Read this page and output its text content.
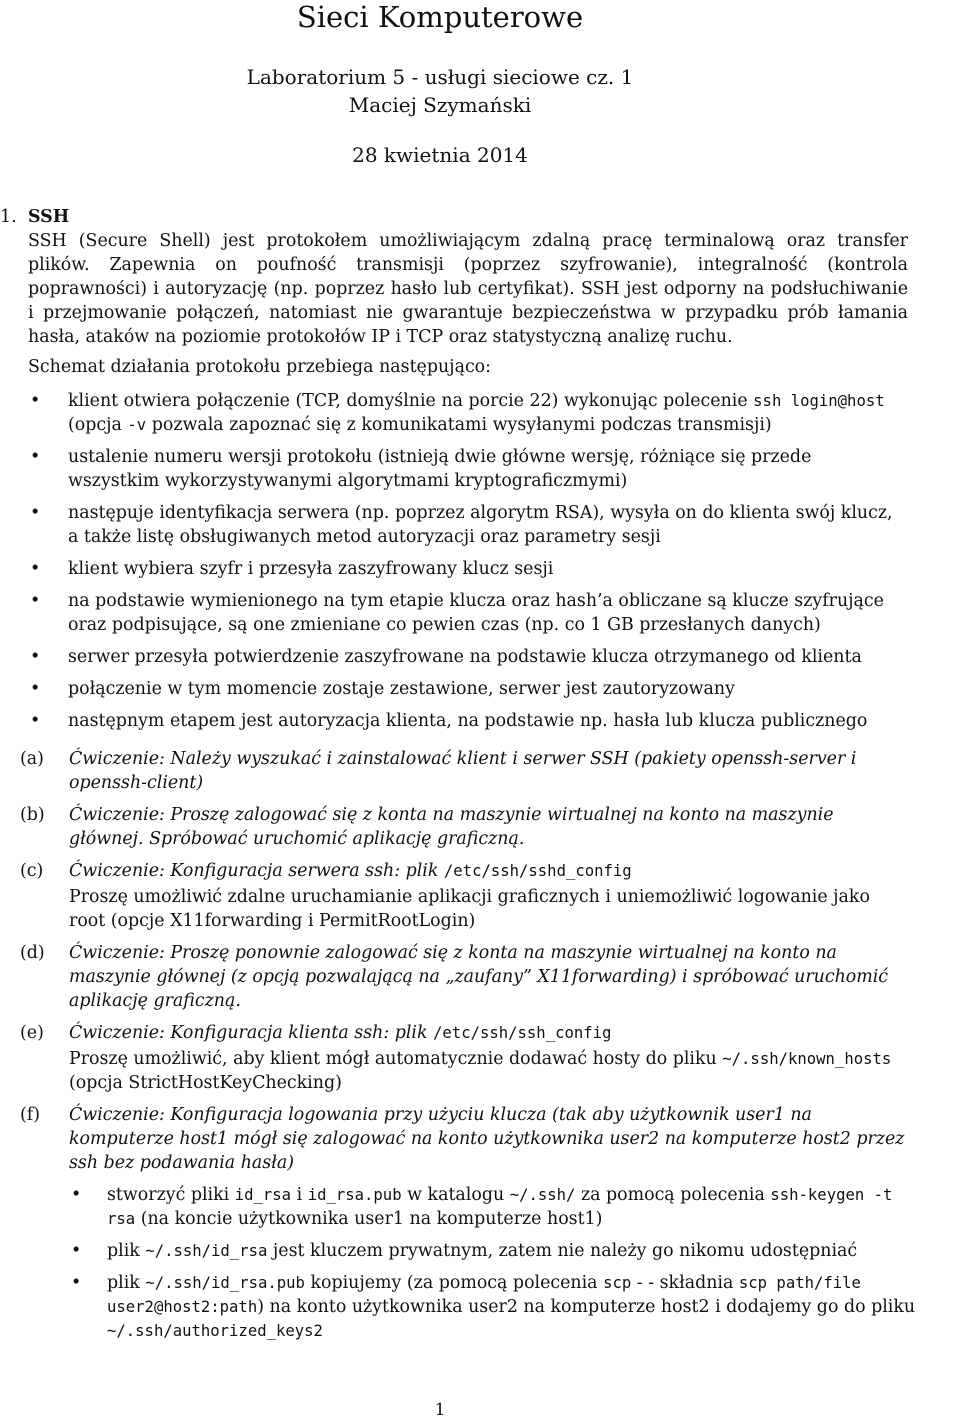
Sieci Komputerowe
Laboratorium 5 - usługi sieciowe cz. 1
Maciej Szymański
28 kwietnia 2014
1. SSH

SSH (Secure Shell) jest protokołem umożliwiającym zdalną pracę terminalową oraz transfer plików. Zapewnia on poufność transmisji (poprzez szyfrowanie), integralność (kontrola poprawności) i autoryzację (np. poprzez hasło lub certyfikat). SSH jest odporny na podsłuchiwanie i przejmowanie połączeń, natomiast nie gwarantuje bezpieczeństwa w przypadku prób łamania hasła, ataków na poziomie protokołów IP i TCP oraz statystyczną analizę ruchu.

Schemat działania protokołu przebiega następująco:

• klient otwiera połączenie (TCP, domyślnie na porcie 22) wykonując polecenie ssh login@host (opcja -v pozwala zapoznać się z komunikatami wysyłanymi podczas transmisji)
• ustalenie numeru wersji protokołu (istnieją dwie główne wersję, różniące się przede wszystkim wykorzystywanymi algorytmami kryptograficzmymi)
• następuje identyfikacja serwera (np. poprzez algorytm RSA), wysyła on do klienta swój klucz, a także listę obsługiwanych metod autoryzacji oraz parametry sesji
• klient wybiera szyfr i przesyła zaszyfrowany klucz sesji
• na podstawie wymienionego na tym etapie klucza oraz hash’a obliczane są klucze szyfrujące oraz podpisujące, są one zmieniane co pewien czas (np. co 1 GB przesłanych danych)
• serwer przesyła potwierdzenie zaszyfrowane na podstawie klucza otrzymanego od klienta
• połączenie w tym momencie zostaje zestawione, serwer jest zautoryzowany
• następnym etapem jest autoryzacja klienta, na podstawie np. hasła lub klucza publicznego
(a) Ćwiczenie: Należy wyszukać i zainstalować klient i serwer SSH (pakiety openssh-server i openssh-client)
(b) Ćwiczenie: Proszę zalogować się z konta na maszynie wirtualnej na konto na maszynie głównej. Spróbować uruchomić aplikację graficzną.
(c) Ćwiczenie: Konfiguracja serwera ssh: plik /etc/ssh/sshd_config
Proszę umożliwić zdalne uruchamianie aplikacji graficznych i uniemożliwić logowanie jako root (opcje X11forwarding i PermitRootLogin)
(d) Ćwiczenie: Proszę ponownie zalogować się z konta na maszynie wirtualnej na konto na maszynie głównej (z opcją pozwalającą na „zaufany” X11forwarding) i spróbować uruchomić aplikację graficzną.
(e) Ćwiczenie: Konfiguracja klienta ssh: plik /etc/ssh/ssh_config
Proszę umożliwić, aby klient mógł automatycznie dodawać hosty do pliku ~/.ssh/known_hosts (opcja StrictHostKeyChecking)
(f) Ćwiczenie: Konfiguracja logowania przy użyciu klucza (tak aby użytkownik user1 na komputerze host1 mógł się zalogować na konto użytkownika user2 na komputerze host2 przez ssh bez podawania hasła)
• stworzyć pliki id_rsa i id_rsa.pub w katalogu ~/.ssh/ za pomocą polecenia ssh-keygen -t rsa (na koncie użytkownika user1 na komputerze host1)
• plik ~/.ssh/id_rsa jest kluczem prywatnym, zatem nie należy go nikomu udostępniać
• plik ~/.ssh/id_rsa.pub kopiujemy (za pomocą polecenia scp - - składnia scp path/file user2@host2:path) na konto użytkownika user2 na komputerze host2 i dodajemy go do pliku ~/.ssh/authorized_keys2
1
